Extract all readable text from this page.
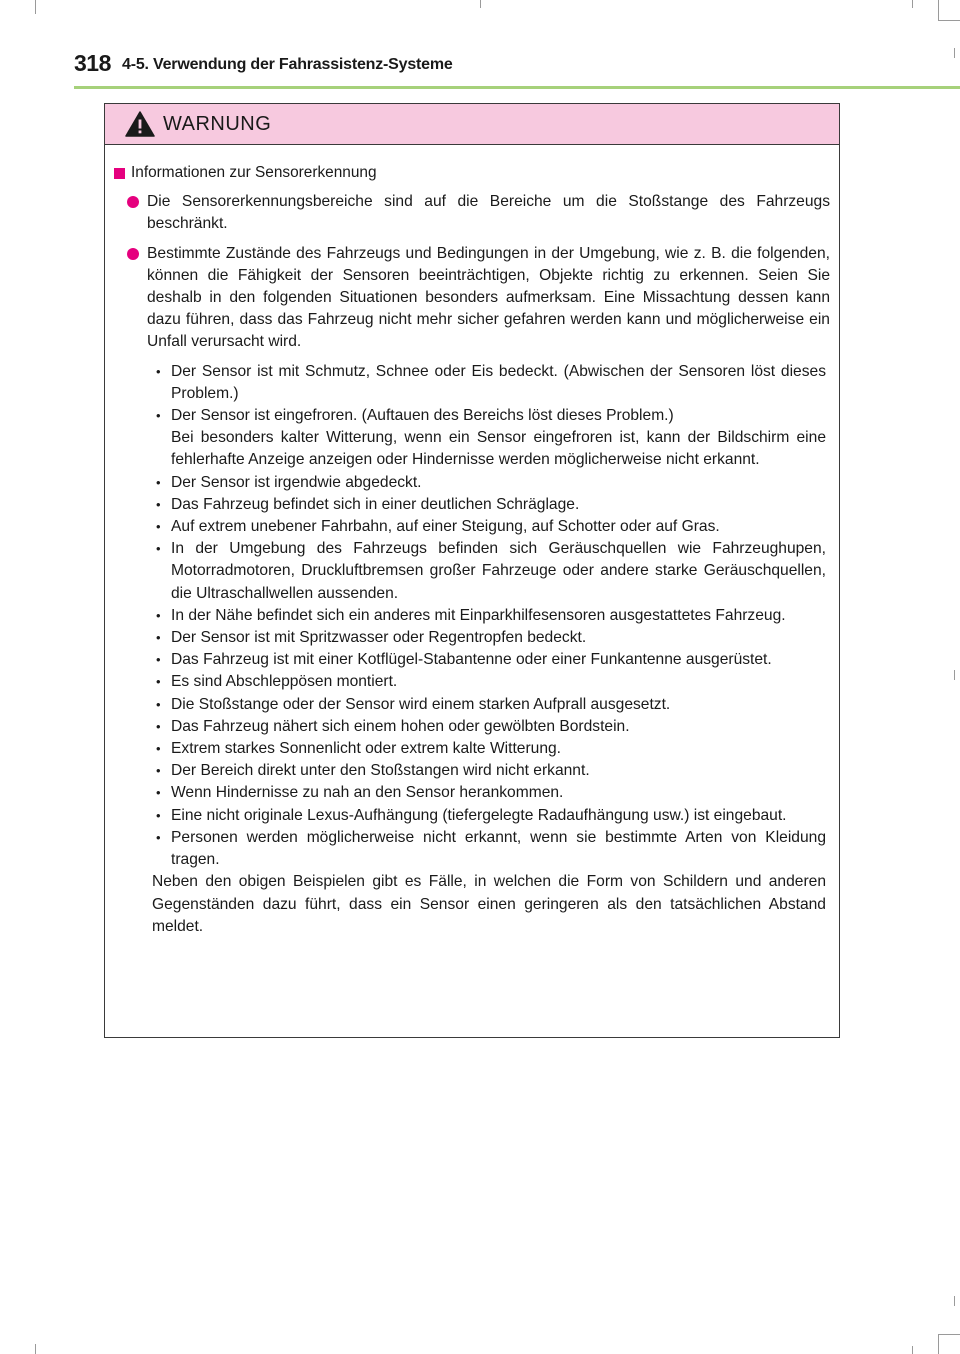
318 4-5. Verwendung der Fahrassistenz-Systeme
WARNUNG
Informationen zur Sensorerkennung
Die Sensorerkennungsbereiche sind auf die Bereiche um die Stoßstange des Fahrzeugs beschränkt.
Bestimmte Zustände des Fahrzeugs und Bedingungen in der Umgebung, wie z. B. die folgenden, können die Fähigkeit der Sensoren beeinträchtigen, Objekte richtig zu erkennen. Seien Sie deshalb in den folgenden Situationen besonders aufmerksam. Eine Missachtung dessen kann dazu führen, dass das Fahrzeug nicht mehr sicher gefahren werden kann und möglicherweise ein Unfall verursacht wird.
• Der Sensor ist mit Schmutz, Schnee oder Eis bedeckt. (Abwischen der Sensoren löst dieses Problem.)
• Der Sensor ist eingefroren. (Auftauen des Bereichs löst dieses Problem.)
Bei besonders kalter Witterung, wenn ein Sensor eingefroren ist, kann der Bildschirm eine fehlerhafte Anzeige anzeigen oder Hindernisse werden möglicherweise nicht erkannt.
• Der Sensor ist irgendwie abgedeckt.
• Das Fahrzeug befindet sich in einer deutlichen Schräglage.
• Auf extrem unebener Fahrbahn, auf einer Steigung, auf Schotter oder auf Gras.
• In der Umgebung des Fahrzeugs befinden sich Geräuschquellen wie Fahrzeughupen, Motorradmotoren, Druckluftbremsen großer Fahrzeuge oder andere starke Geräuschquellen, die Ultraschallwellen aussenden.
• In der Nähe befindet sich ein anderes mit Einparkhilfesensoren ausgestattetes Fahrzeug.
• Der Sensor ist mit Spritzwasser oder Regentropfen bedeckt.
• Das Fahrzeug ist mit einer Kotflügel-Stabantenne oder einer Funkantenne ausgerüstet.
• Es sind Abschleppösen montiert.
• Die Stoßstange oder der Sensor wird einem starken Aufprall ausgesetzt.
• Das Fahrzeug nähert sich einem hohen oder gewölbten Bordstein.
• Extrem starkes Sonnenlicht oder extrem kalte Witterung.
• Der Bereich direkt unter den Stoßstangen wird nicht erkannt.
• Wenn Hindernisse zu nah an den Sensor herankommen.
• Eine nicht originale Lexus-Aufhängung (tiefergelegte Radaufhängung usw.) ist eingebaut.
• Personen werden möglicherweise nicht erkannt, wenn sie bestimmte Arten von Kleidung tragen.
Neben den obigen Beispielen gibt es Fälle, in welchen die Form von Schildern und anderen Gegenständen dazu führt, dass ein Sensor einen geringeren als den tatsächlichen Abstand meldet.
